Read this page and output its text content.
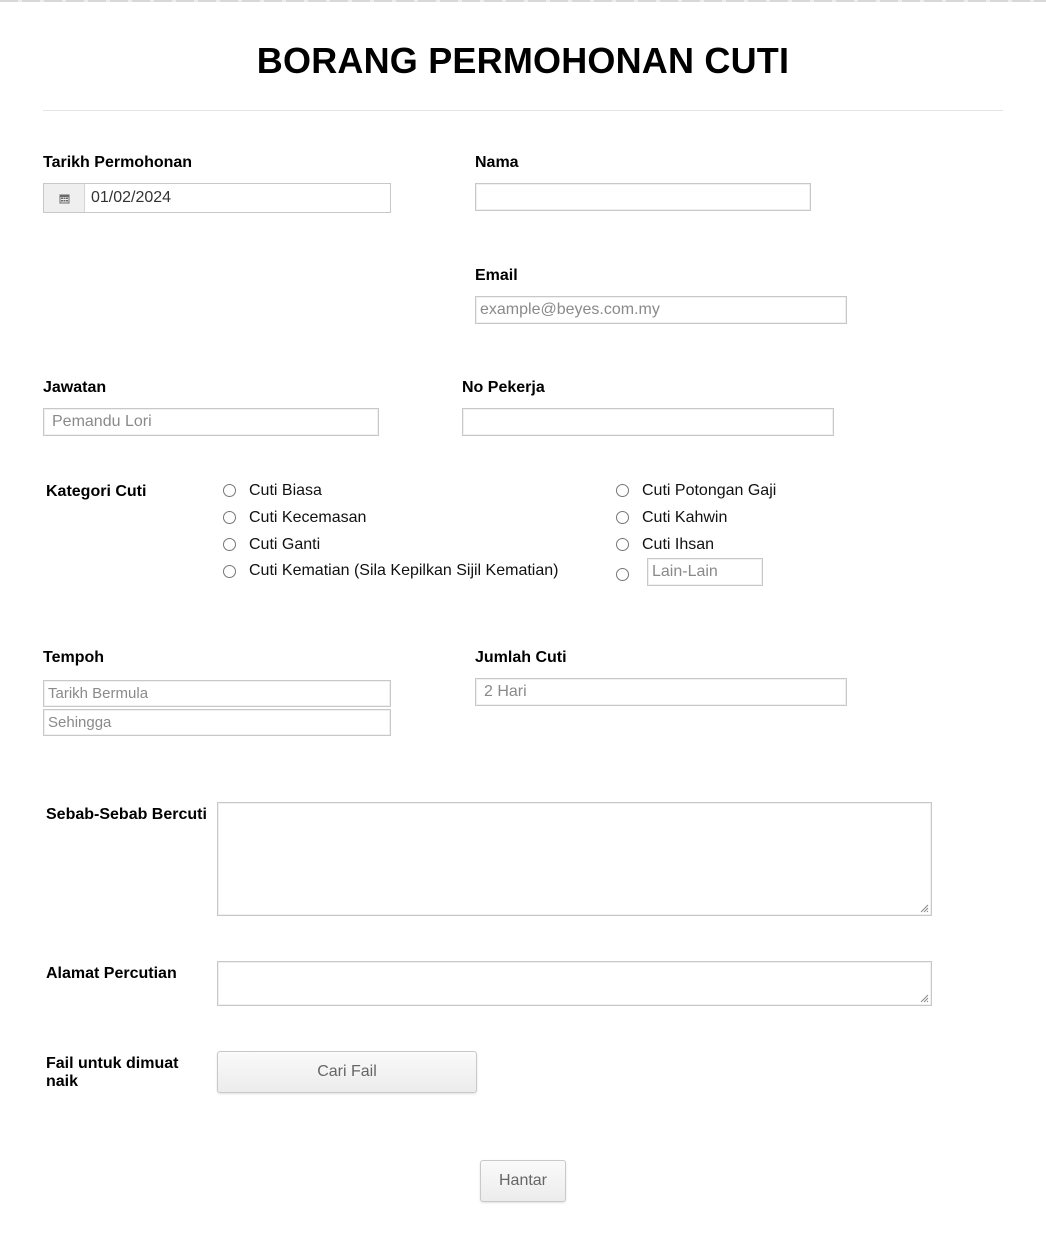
BORANG PERMOHONAN CUTI
Tarikh Permohonan
01/02/2024
Nama
Email
example@beyes.com.my
Jawatan
Pemandu Lori
No Pekerja
Kategori Cuti	Cuti Biasa
Cuti Kecemasan
Cuti Ganti
Cuti Kematian (Sila Kepilkan Sijil Kematian)
Cuti Potongan Gaji
Cuti Kahwin
Cuti Ihsan
Lain-Lain
Tempoh
Tarikh Bermula
Sehingga
Jumlah Cuti
2 Hari
Sebab-Sebab Bercuti
Alamat Percutian
Fail untuk dimuat naik
Cari Fail
Hantar
